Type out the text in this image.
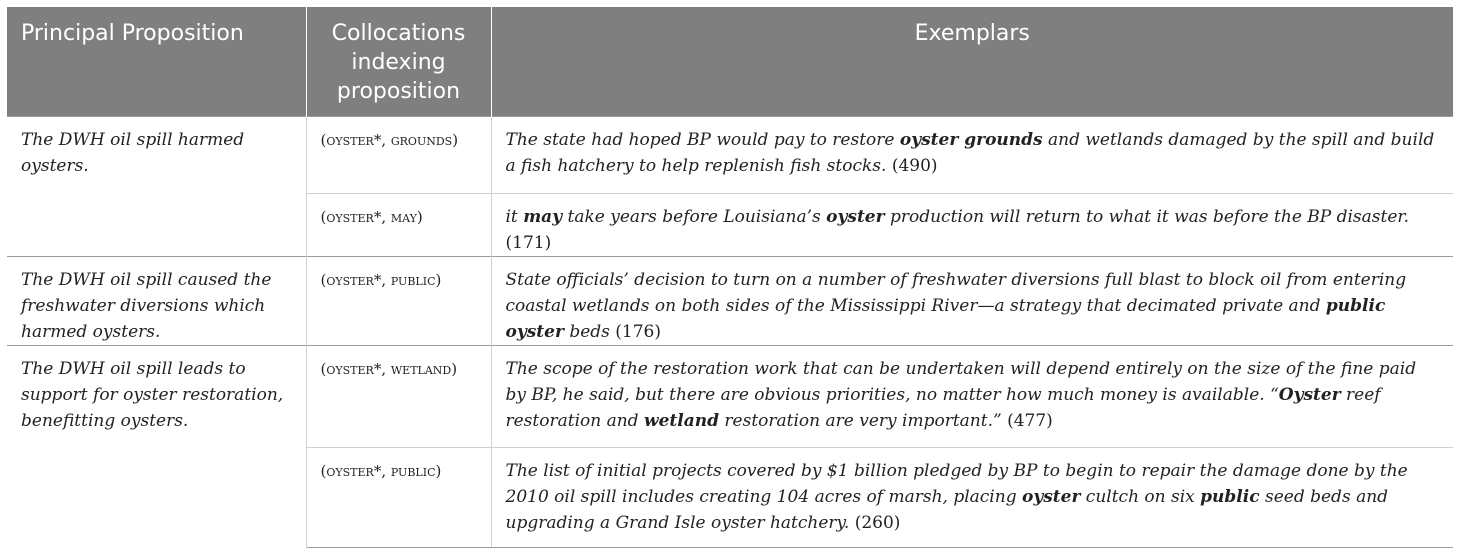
Principal Proposition	Collocations indexing proposition	Exemplars
The DWH oil spill harmed oysters.	(oyster*, grounds)	The state had hoped BP would pay to restore oyster grounds and wetlands damaged by the spill and build a fish hatchery to help replenish fish stocks. (490)
	(oyster*, may)	it may take years before Louisiana’s oyster production will return to what it was before the BP disaster. (171)
The DWH oil spill caused the freshwater diversions which harmed oysters.	(oyster*, public)	State officials’ decision to turn on a number of freshwater diversions full blast to block oil from entering coastal wetlands on both sides of the Mississippi River—a strategy that decimated private and public oyster beds (176)
The DWH oil spill leads to support for oyster restoration, benefitting oysters.	(oyster*, wetland)	The scope of the restoration work that can be undertaken will depend entirely on the size of the fine paid by BP, he said, but there are obvious priorities, no matter how much money is available. “Oyster reef restoration and wetland restoration are very important.” (477)
	(oyster*, public)	The list of initial projects covered by $1 billion pledged by BP to begin to repair the damage done by the 2010 oil spill includes creating 104 acres of marsh, placing oyster cultch on six public seed beds and upgrading a Grand Isle oyster hatchery. (260)
